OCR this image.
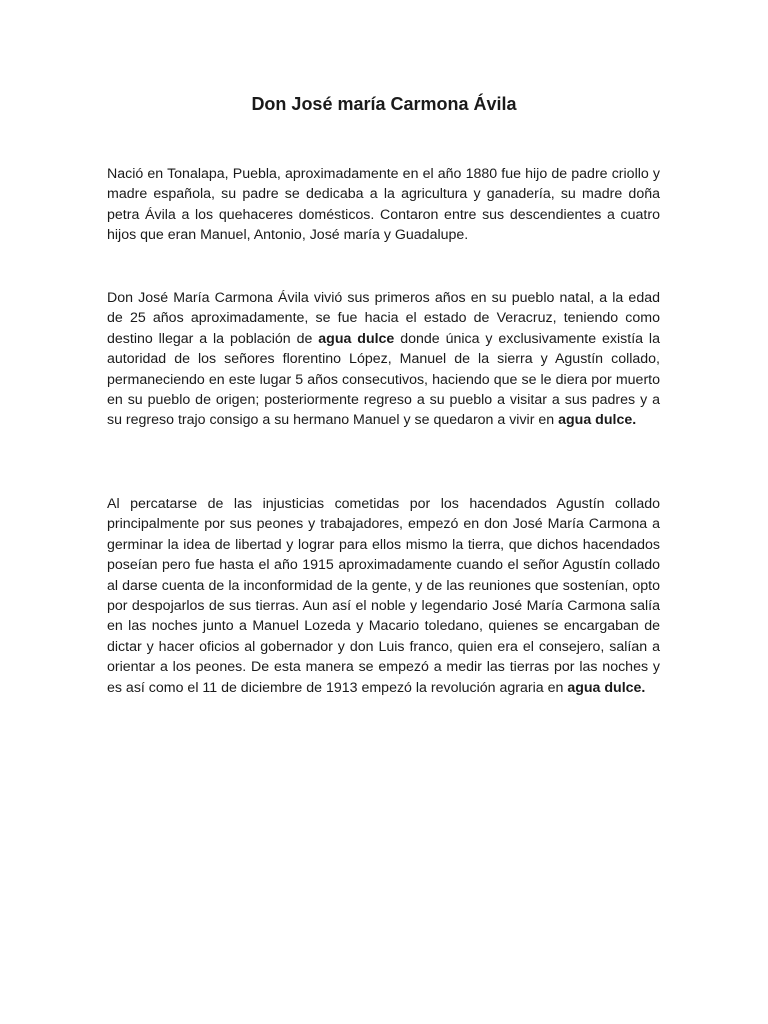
Don José maría Carmona Ávila

Nació en Tonalapa, Puebla, aproximadamente en el año 1880 fue hijo de padre criollo y madre española, su padre se dedicaba a la agricultura y ganadería, su madre doña petra Ávila a los quehaceres domésticos. Contaron entre sus descendientes a cuatro hijos que eran Manuel, Antonio, José maría y Guadalupe.

Don José María Carmona Ávila vivió sus primeros años en su pueblo natal, a la edad de 25 años aproximadamente, se fue hacia el estado de Veracruz, teniendo como destino llegar a la población de agua dulce donde única y exclusivamente existía la autoridad de los señores florentino López, Manuel de la sierra y Agustín collado, permaneciendo en este lugar 5 años consecutivos, haciendo que se le diera por muerto en su pueblo de origen; posteriormente regreso a su pueblo a visitar a sus padres y a su regreso trajo consigo a su hermano Manuel y se quedaron a vivir en agua dulce.

Al percatarse de las injusticias cometidas por los hacendados Agustín collado principalmente por sus peones y trabajadores, empezó en don José María Carmona a germinar la idea de libertad y lograr para ellos mismo la tierra, que dichos hacendados poseían pero fue hasta el año 1915 aproximadamente cuando el señor Agustín collado al darse cuenta de la inconformidad de la gente, y de las reuniones que sostenían, opto por despojarlos de sus tierras. Aun así el noble y legendario José María Carmona salía en las noches junto a Manuel Lozeda y Macario toledano, quienes se encargaban de dictar y hacer oficios al gobernador y don Luis franco, quien era el consejero, salían a orientar a los peones. De esta manera se empezó a medir las tierras por las noches y es así como el 11 de diciembre de 1913 empezó la revolución agraria en agua dulce.
